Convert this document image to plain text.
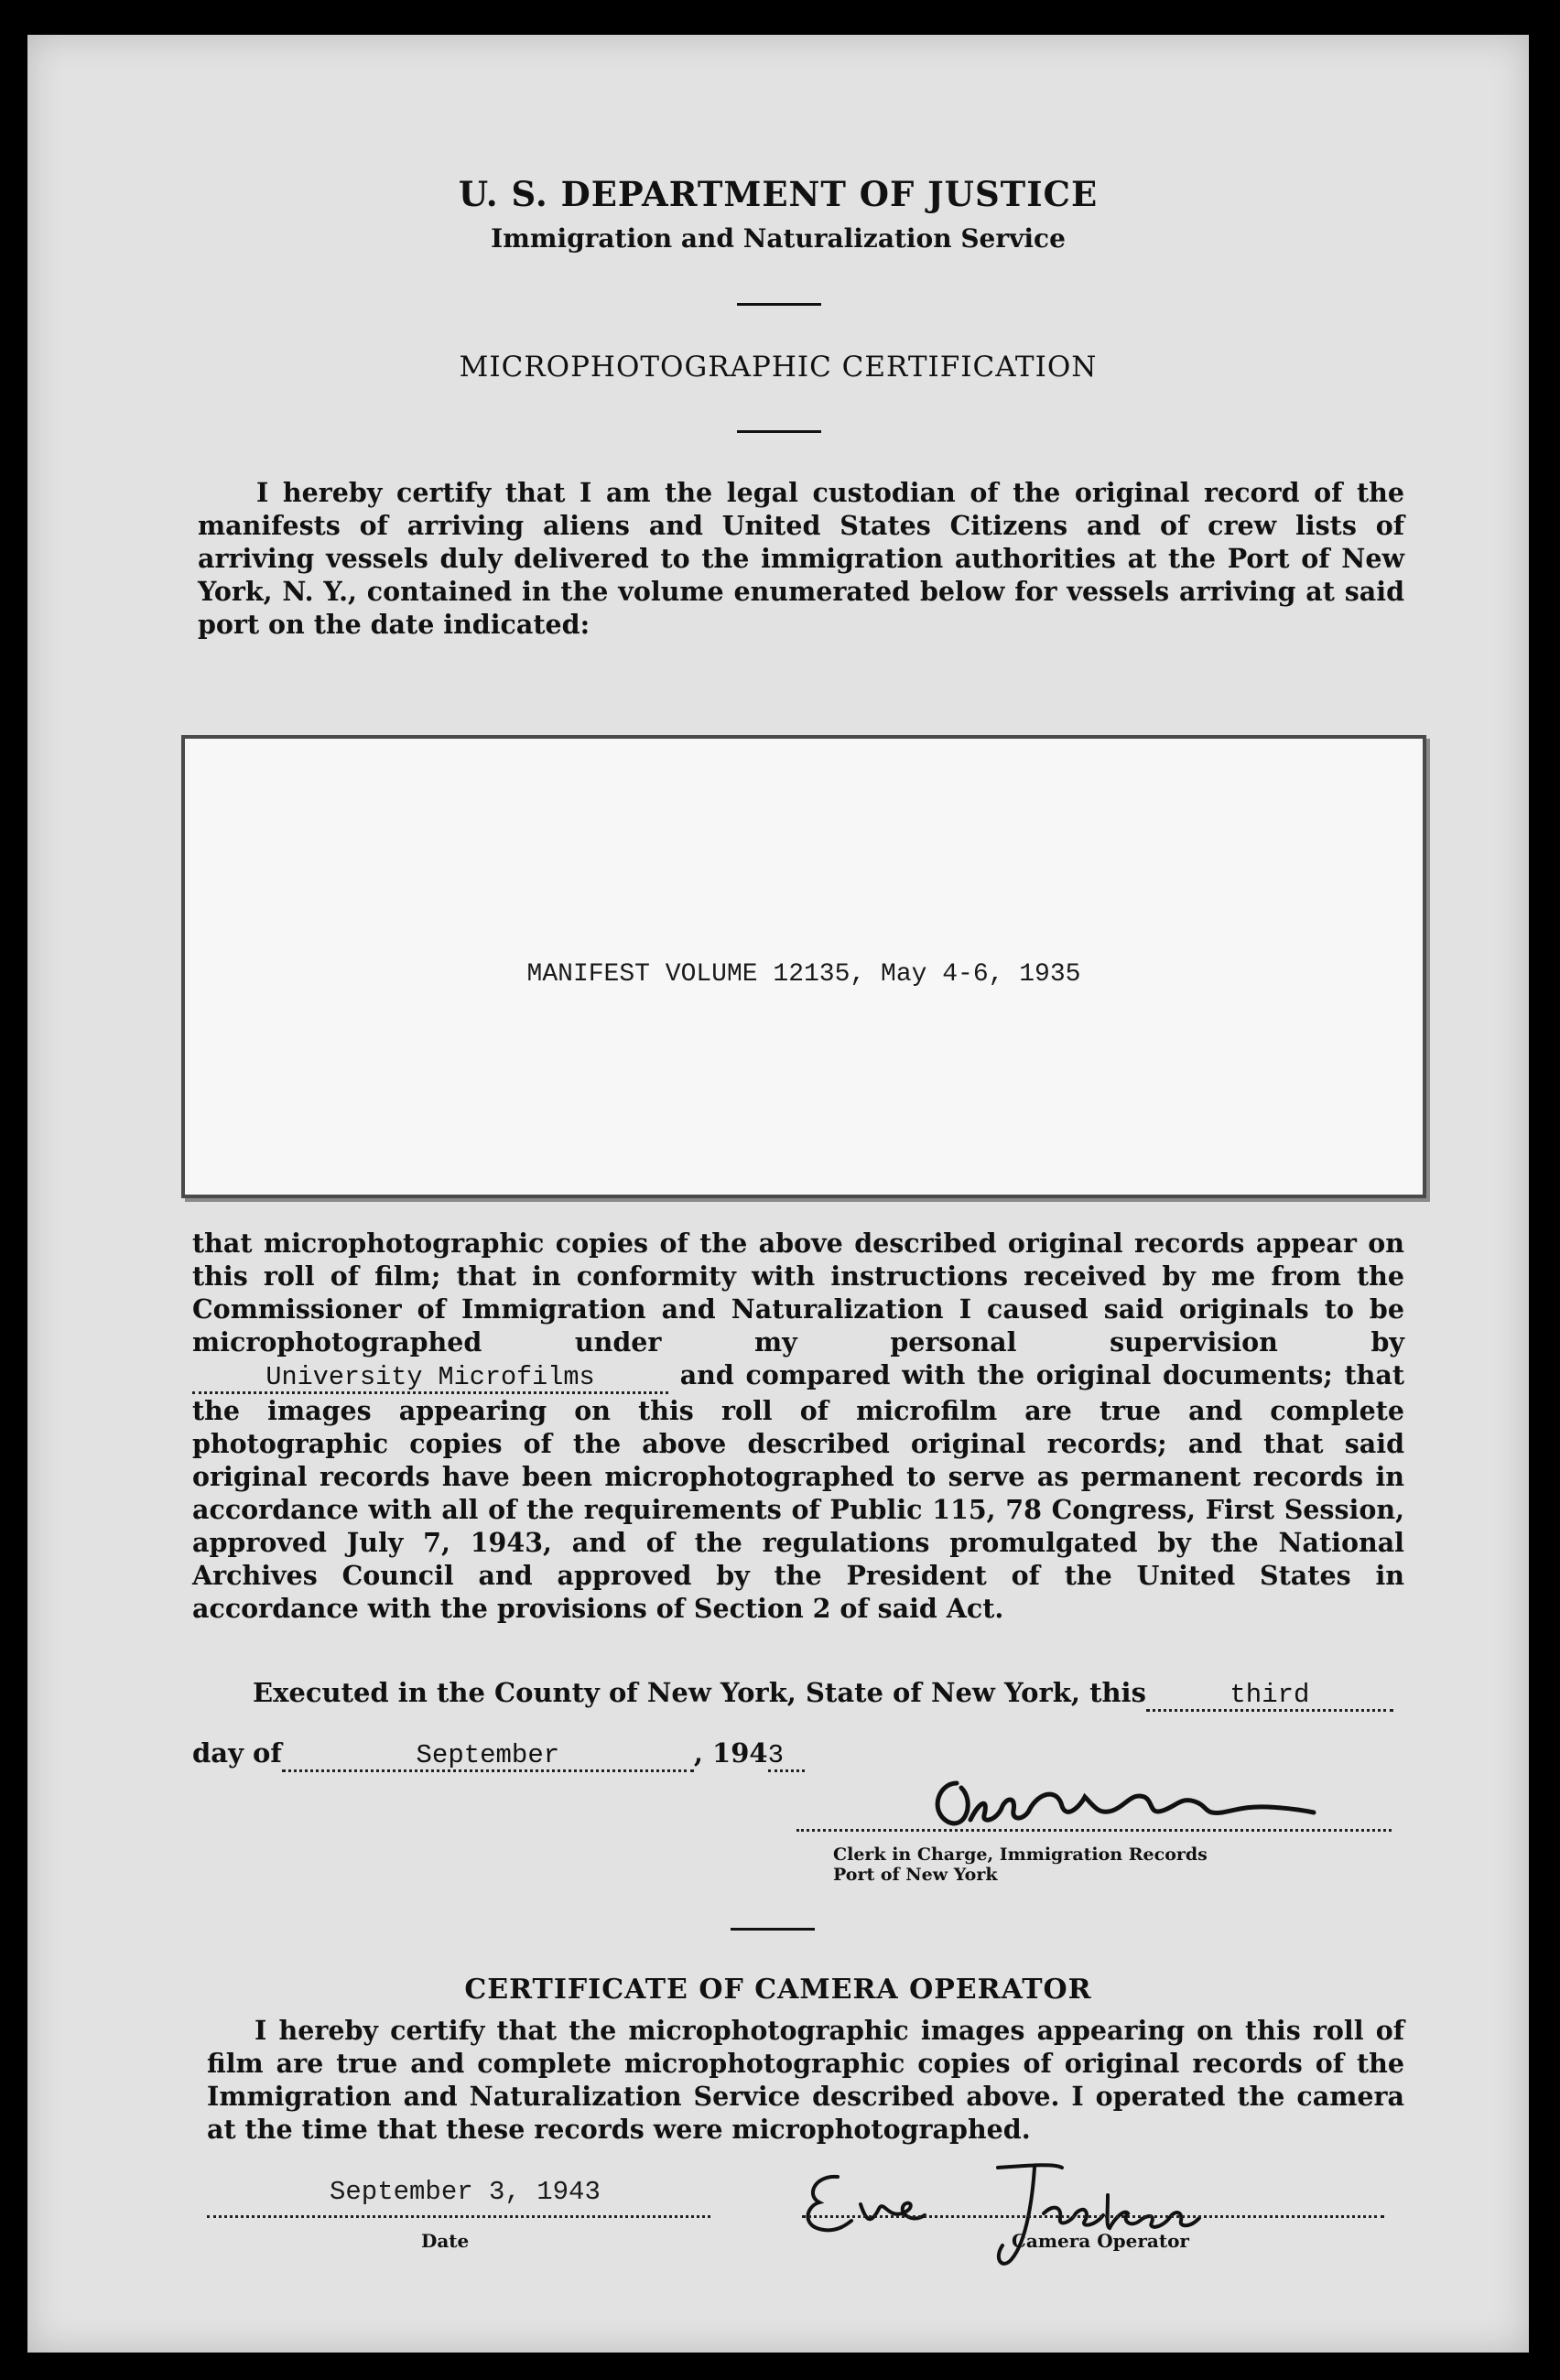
U. S. DEPARTMENT OF JUSTICE
Immigration and Naturalization Service
MICROPHOTOGRAPHIC CERTIFICATION
I hereby certify that I am the legal custodian of the original record of the manifests of arriving aliens and United States Citizens and of crew lists of arriving vessels duly delivered to the immigration authorities at the Port of New York, N. Y., contained in the volume enumerated below for vessels arriving at said port on the date indicated:
MANIFEST VOLUME 12135, May 4-6, 1935
that microphotographic copies of the above described original records appear on this roll of film; that in conformity with instructions received by me from the Commissioner of Immigration and Naturalization I caused said originals to be microphotographed under my personal supervision by University Microfilms	and compared with the original documents; that the images appearing on this roll of microfilm are true and complete photographic copies of the above described original records; and that said original records have been microphotographed to serve as permanent records in accordance with all of the requirements of Public 115, 78 Congress, First Session, approved July 7, 1943, and of the regulations promulgated by the National Archives Council and approved by the President of the United States in accordance with the provisions of Section 2 of said Act.
Executed in the County of New York, State of New York, this	third
day of	September	, 1943
Clerk in Charge, Immigration Records
Port of New York
CERTIFICATE OF CAMERA OPERATOR
I hereby certify that the microphotographic images appearing on this roll of film are true and complete microphotographic copies of original records of the Immigration and Naturalization Service described above. I operated the camera at the time that these records were microphotographed.
September 3, 1943
Date	Camera Operator
